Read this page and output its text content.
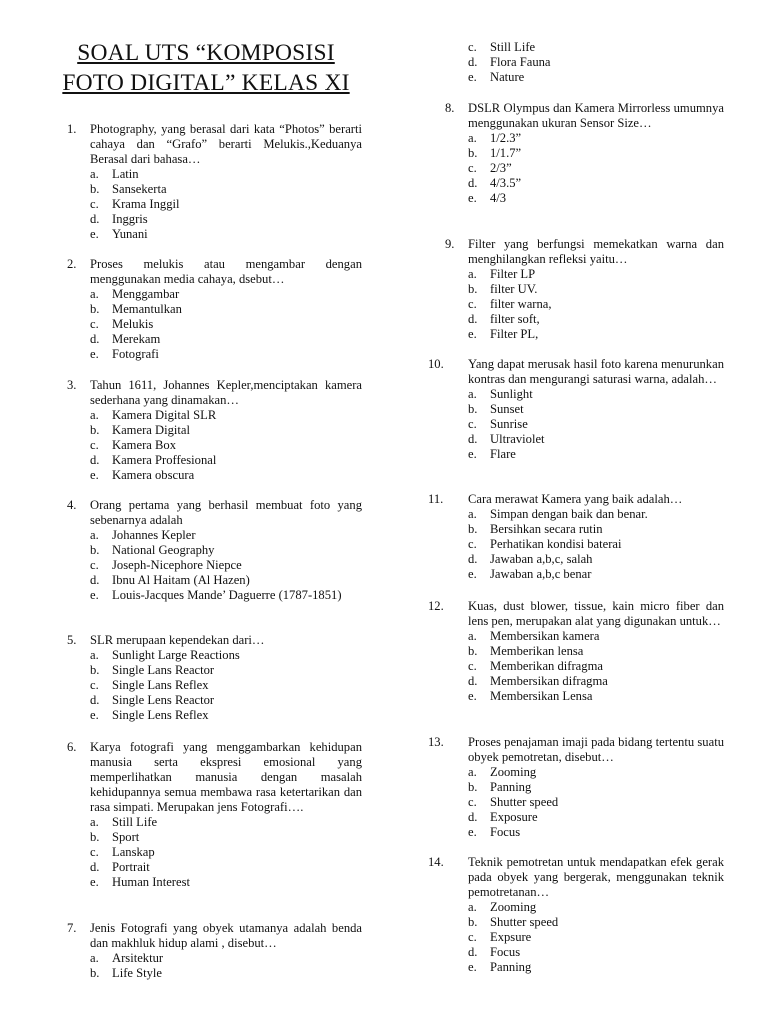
SOAL UTS “KOMPOSISI
FOTO DIGITAL” KELAS XI
1. Photography, yang berasal dari kata “Photos” berarti cahaya dan “Grafo” berarti Melukis.,Keduanya Berasal dari bahasa…
a. Latin
b. Sansekerta
c. Krama Inggil
d. Inggris
e. Yunani
2. Proses melukis atau mengambar dengan menggunakan media cahaya, dsebut…
a. Menggambar
b. Memantulkan
c. Melukis
d. Merekam
e. Fotografi
3. Tahun 1611, Johannes Kepler,menciptakan kamera sederhana yang dinamakan…
a. Kamera Digital SLR
b. Kamera Digital
c. Kamera Box
d. Kamera Proffesional
e. Kamera obscura
4. Orang pertama yang berhasil membuat foto yang sebenarnya adalah
a. Johannes Kepler
b. National Geography
c. Joseph-Nicephore Niepce
d. Ibnu Al Haitam (Al Hazen)
e. Louis-Jacques Mande’ Daguerre (1787-1851)
5. SLR merupaan kependekan dari…
a. Sunlight Large Reactions
b. Single Lans Reactor
c. Single Lans Reflex
d. Single Lens Reactor
e. Single Lens Reflex
6. Karya fotografi yang menggambarkan kehidupan manusia serta ekspresi emosional yang memperlihatkan manusia dengan masalah kehidupannya semua membawa rasa ketertarikan dan rasa simpati. Merupakan jens Fotografi….
a. Still Life
b. Sport
c. Lanskap
d. Portrait
e. Human Interest
7. Jenis Fotografi yang obyek utamanya adalah benda dan makhluk hidup alami , disebut…
a. Arsitektur
b. Life Style
c. Still Life
d. Flora Fauna
e. Nature
8. DSLR Olympus dan Kamera Mirrorless umumnya menggunakan ukuran Sensor Size…
a. 1/2.3”
b. 1/1.7”
c. 2/3”
d. 4/3.5”
e. 4/3
9. Filter yang berfungsi memekatkan warna dan menghilangkan refleksi yaitu…
a. Filter LP
b. filter UV.
c. filter warna,
d. filter soft,
e. Filter PL,
10. Yang dapat merusak hasil foto karena menurunkan kontras dan mengurangi saturasi warna, adalah…
a. Sunlight
b. Sunset
c. Sunrise
d. Ultraviolet
e. Flare
11. Cara merawat Kamera yang baik adalah…
a. Simpan dengan baik dan benar.
b. Bersihkan secara rutin
c. Perhatikan kondisi baterai
d. Jawaban a,b,c, salah
e. Jawaban a,b,c benar
12. Kuas, dust blower, tissue, kain micro fiber dan lens pen, merupakan alat yang digunakan untuk…
a. Membersikan kamera
b. Memberikan lensa
c. Memberikan difragma
d. Membersikan difragma
e. Membersikan Lensa
13. Proses penajaman imaji pada bidang tertentu suatu obyek pemotretan, disebut…
a. Zooming
b. Panning
c. Shutter speed
d. Exposure
e. Focus
14. Teknik pemotretan untuk mendapatkan efek gerak pada obyek yang bergerak, menggunakan teknik pemotretanan…
a. Zooming
b. Shutter speed
c. Expsure
d. Focus
e. Panning
